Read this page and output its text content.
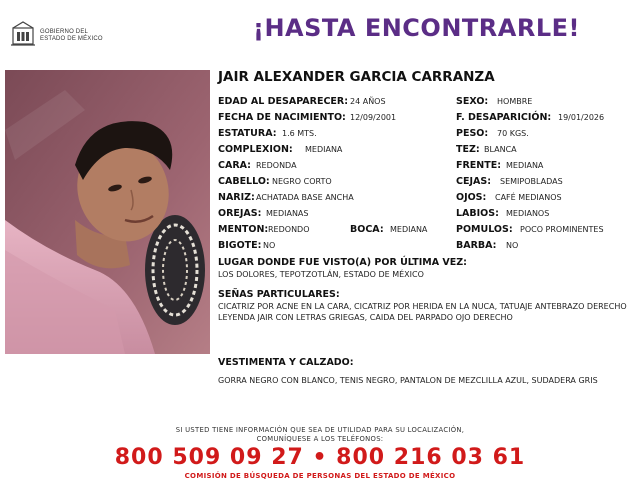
GOBIERNO DEL
ESTADO DE MÉXICO	¡HASTA ENCONTRARLE!
JAIR ALEXANDER GARCIA CARRANZA
EDAD AL DESAPARECER: 24 AÑOS
FECHA DE NACIMIENTO: 12/09/2001
ESTATURA: 1.6 MTS.
COMPLEXION: MEDIANA
CARA: REDONDA
CABELLO: NEGRO CORTO
NARIZ: ACHATADA BASE ANCHA
OREJAS: MEDIANAS
MENTON: REDONDO	BOCA: MEDIANA
BIGOTE: NO
SEXO: HOMBRE
F. DESAPARICIÓN: 19/01/2026
PESO: 70 KGS.
TEZ: BLANCA
FRENTE: MEDIANA
CEJAS: SEMIPOBLADAS
OJOS: CAFÉ MEDIANOS
LABIOS: MEDIANOS
POMULOS: POCO PROMINENTES
BARBA: NO
LUGAR DONDE FUE VISTO(A) POR ÚLTIMA VEZ:
LOS DOLORES, TEPOTZOTLÁN, ESTADO DE MÉXICO
SEÑAS PARTICULARES:
CICATRIZ POR ACNE EN LA CARA, CICATRIZ POR HERIDA EN LA NUCA, TATUAJE ANTEBRAZO DERECHO LEYENDA JAIR CON LETRAS GRIEGAS, CAIDA DEL PARPADO OJO DERECHO
VESTIMENTA Y CALZADO:
GORRA NEGRO CON BLANCO, TENIS NEGRO, PANTALON DE MEZCLILLA AZUL, SUDADERA GRIS
SI USTED TIENE INFORMACIÓN QUE SEA DE UTILIDAD PARA SU LOCALIZACIÓN,
COMUNÍQUESE A LOS TELÉFONOS:
800 509 09 27 • 800 216 03 61
COMISIÓN DE BÚSQUEDA DE PERSONAS DEL ESTADO DE MÉXICO
